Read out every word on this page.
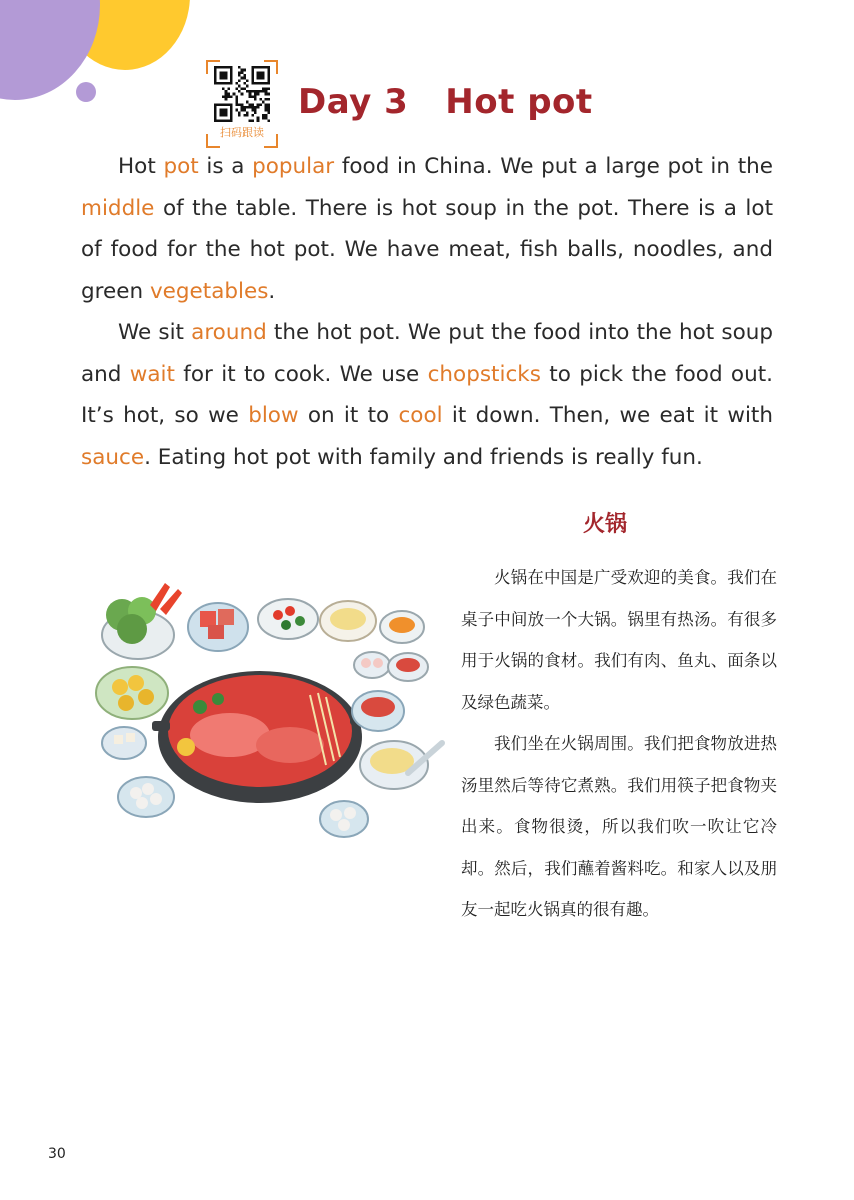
扫码跟读
Day 3   Hot pot

Hot pot is a popular food in China. We put a large pot in the middle of the table. There is hot soup in the pot. There is a lot of food for the hot pot. We have meat, fish balls, noodles, and green vegetables.

We sit around the hot pot. We put the food into the hot soup and wait for it to cook. We use chopsticks to pick the food out. It’s hot, so we blow on it to cool it down. Then, we eat it with sauce. Eating hot pot with family and friends is really fun.

火锅

火锅在中国是广受欢迎的美食。我们在桌子中间放一个大锅。锅里有热汤。有很多用于火锅的食材。我们有肉、鱼丸、面条以及绿色蔬菜。

我们坐在火锅周围。我们把食物放进热汤里然后等待它煮熟。我们用筷子把食物夹出来。食物很烫，所以我们吹一吹让它冷却。然后，我们蘸着酱料吃。和家人以及朋友一起吃火锅真的很有趣。

30
